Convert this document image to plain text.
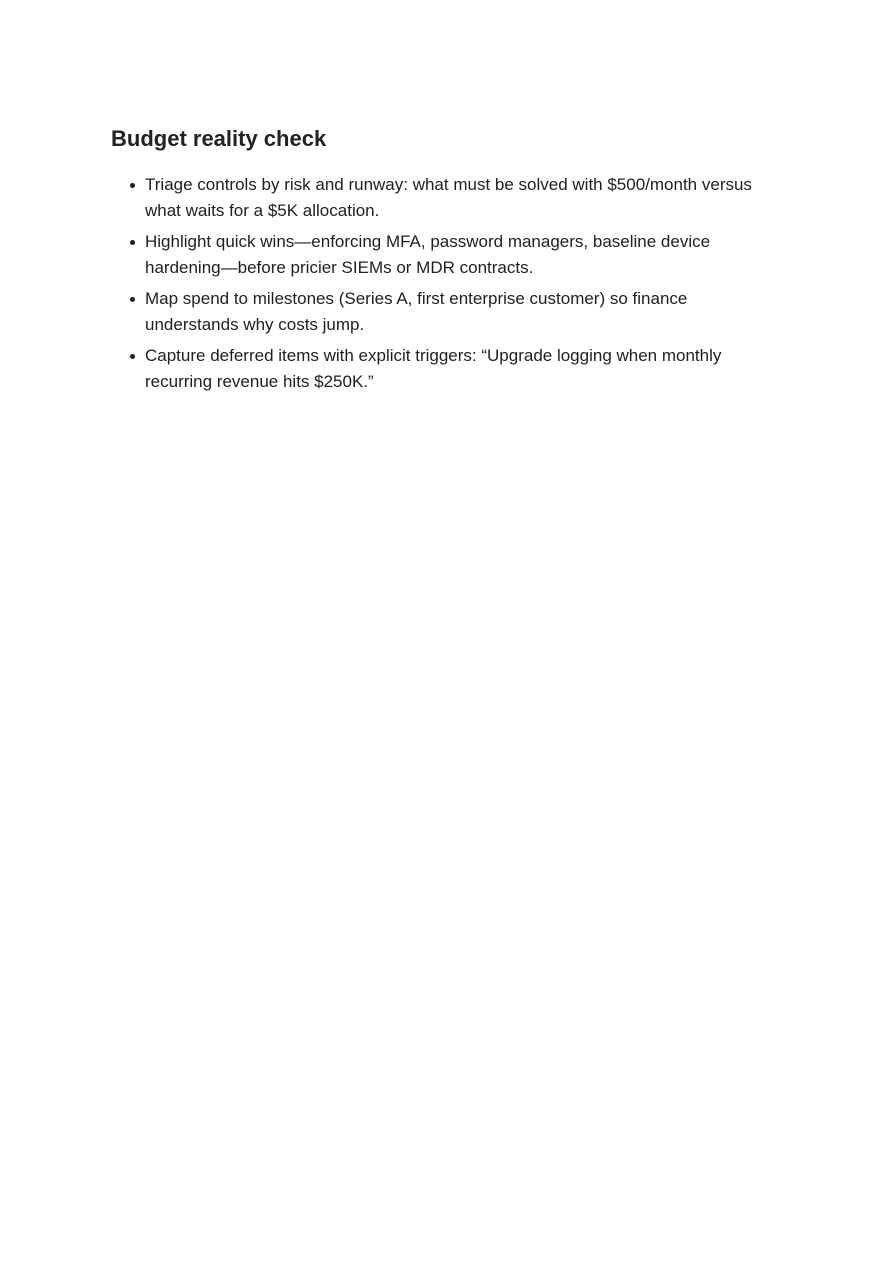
Budget reality check
Triage controls by risk and runway: what must be solved with $500/month versus what waits for a $5K allocation.
Highlight quick wins—enforcing MFA, password managers, baseline device hardening—before pricier SIEMs or MDR contracts.
Map spend to milestones (Series A, first enterprise customer) so finance understands why costs jump.
Capture deferred items with explicit triggers: “Upgrade logging when monthly recurring revenue hits $250K.”
